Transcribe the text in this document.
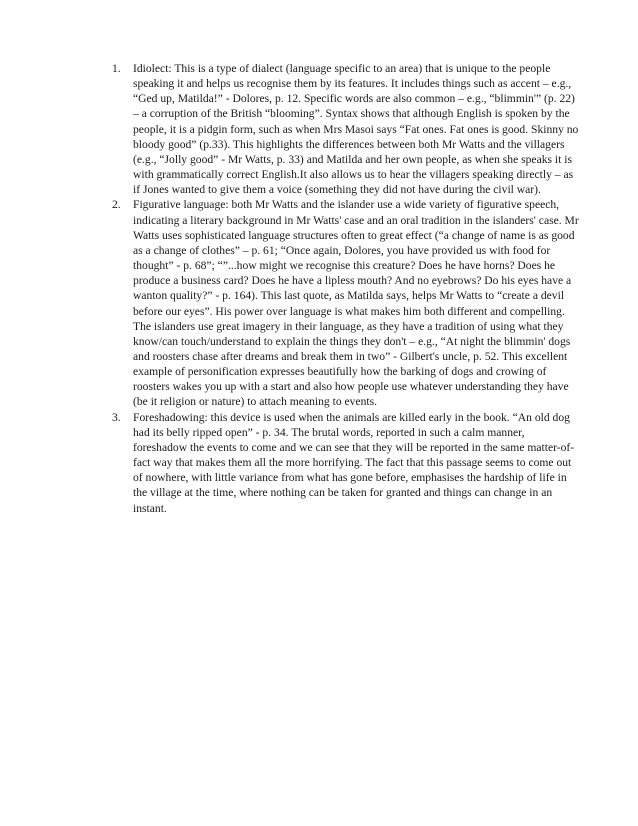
1. Idiolect: This is a type of dialect (language specific to an area) that is unique to the people speaking it and helps us recognise them by its features. It includes things such as accent – e.g., “Ged up, Matilda!” - Dolores, p. 12. Specific words are also common – e.g., “blimmin'” (p. 22) – a corruption of the British “blooming”. Syntax shows that although English is spoken by the people, it is a pidgin form, such as when Mrs Masoi says “Fat ones. Fat ones is good. Skinny no bloody good” (p.33). This highlights the differences between both Mr Watts and the villagers (e.g., “Jolly good” - Mr Watts, p. 33) and Matilda and her own people, as when she speaks it is with grammatically correct English.It also allows us to hear the villagers speaking directly – as if Jones wanted to give them a voice (something they did not have during the civil war).
2. Figurative language: both Mr Watts and the islander use a wide variety of figurative speech, indicating a literary background in Mr Watts' case and an oral tradition in the islanders' case. Mr Watts uses sophisticated language structures often to great effect (“a change of name is as good as a change of clothes” – p. 61; “Once again, Dolores, you have provided us with food for thought” - p. 68”; “”...how might we recognise this creature? Does he have horns? Does he produce a business card? Does he have a lipless mouth? And no eyebrows? Do his eyes have a wanton quality?” - p. 164). This last quote, as Matilda says, helps Mr Watts to “create a devil before our eyes”. His power over language is what makes him both different and compelling. The islanders use great imagery in their language, as they have a tradition of using what they know/can touch/understand to explain the things they don't – e.g., “At night the blimmin' dogs and roosters chase after dreams and break them in two” - Gilbert's uncle, p. 52. This excellent example of personification expresses beautifully how the barking of dogs and crowing of roosters wakes you up with a start and also how people use whatever understanding they have (be it religion or nature) to attach meaning to events.
3. Foreshadowing: this device is used when the animals are killed early in the book. “An old dog had its belly ripped open” - p. 34. The brutal words, reported in such a calm manner, foreshadow the events to come and we can see that they will be reported in the same matter-of-fact way that makes them all the more horrifying. The fact that this passage seems to come out of nowhere, with little variance from what has gone before, emphasises the hardship of life in the village at the time, where nothing can be taken for granted and things can change in an instant.
